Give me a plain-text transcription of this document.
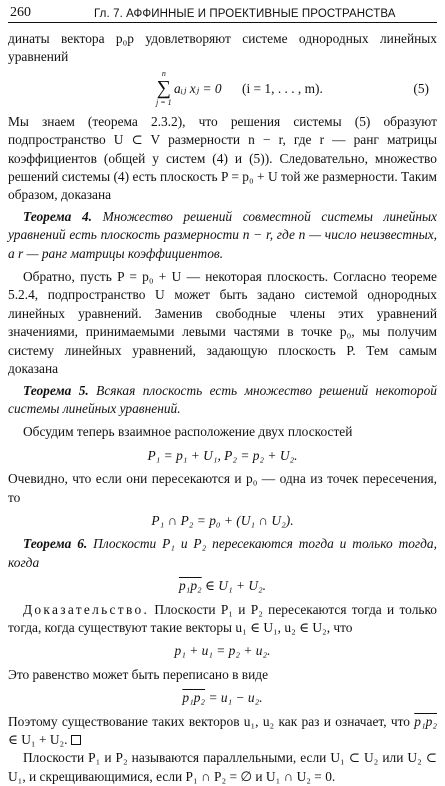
260	Гл. 7. АФФИННЫЕ И ПРОЕКТИВНЫЕ ПРОСТРАНСТВА

динаты вектора p₀p удовлетворяют системе однородных линейных уравнений

n
∑
j = 1
aᵢⱼ xⱼ = 0 (i = 1, . . . , m).	(5)

Мы знаем (теорема 2.3.2), что решения системы (5) образуют подпространство U ⊂ V размерности n − r, где r — ранг матрицы коэффициентов (общей у систем (4) и (5)). Следовательно, множество решений системы (4) есть плоскость P = p₀ + U той же размерности. Таким образом, доказана

Теорема 4. Множество решений совместной системы линейных уравнений есть плоскость размерности n − r, где n — число неизвестных, а r — ранг матрицы коэффициентов.

Обратно, пусть P = p₀ + U — некоторая плоскость. Согласно теореме 5.2.4, подпространство U может быть задано системой однородных линейных уравнений. Заменив свободные члены этих уравнений значениями, принимаемыми левыми частями в точке p₀, мы получим систему линейных уравнений, задающую плоскость P. Тем самым доказана

Теорема 5. Всякая плоскость есть множество решений некоторой системы линейных уравнений.

Обсудим теперь взаимное расположение двух плоскостей

P₁ = p₁ + U₁, P₂ = p₂ + U₂.

Очевидно, что если они пересекаются и p₀ — одна из точек пересечения, то

P₁ ∩ P₂ = p₀ + (U₁ ∩ U₂).

Теорема 6. Плоскости P₁ и P₂ пересекаются тогда и только тогда, когда

p₁p₂ ∈ U₁ + U₂.

Доказательство. Плоскости P₁ и P₂ пересекаются тогда и только тогда, когда существуют такие векторы u₁ ∈ U₁, u₂ ∈ U₂, что

p₁ + u₁ = p₂ + u₂.

Это равенство может быть переписано в виде

p₁p₂ = u₁ − u₂.

Поэтому существование таких векторов u₁, u₂ как раз и означает, что p₁p₂ ∈ U₁ + U₂.

Плоскости P₁ и P₂ называются параллельными, если U₁ ⊂ U₂ или U₂ ⊂ U₁, и скрещивающимися, если P₁ ∩ P₂ = ∅ и U₁ ∩ U₂ = 0.
